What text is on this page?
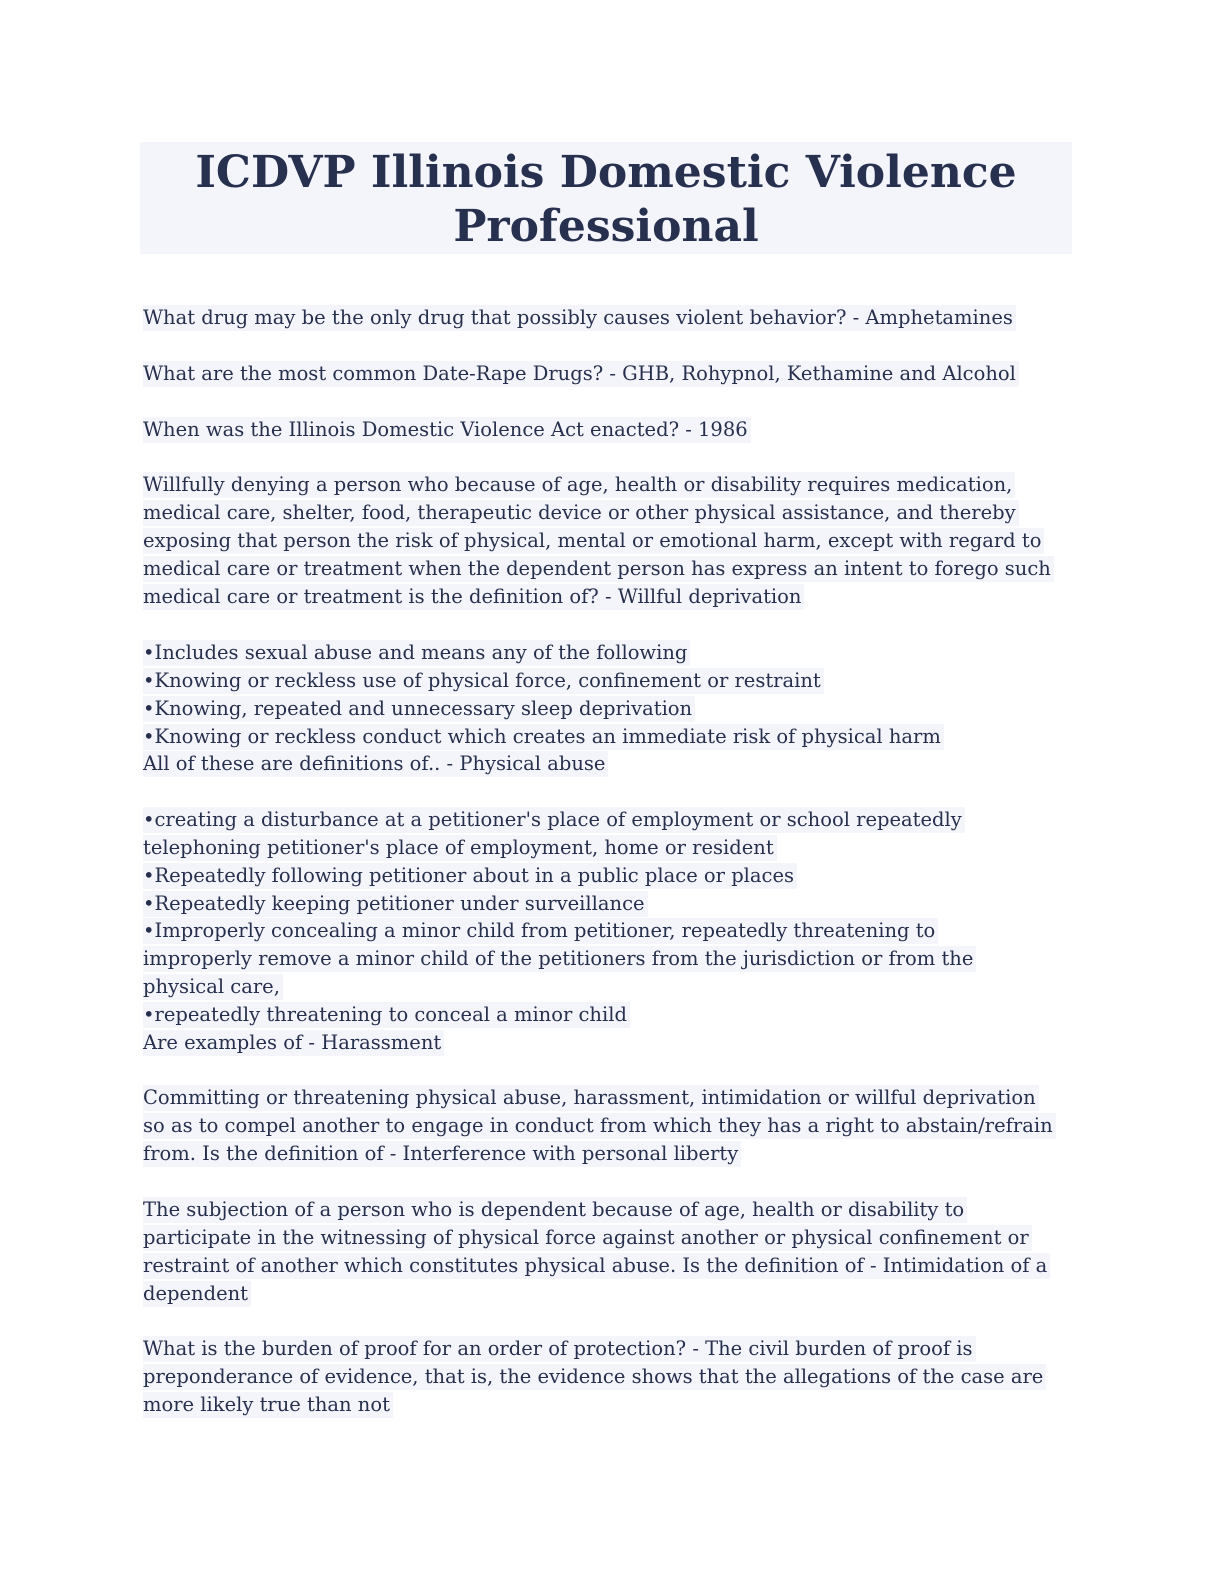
ICDVP Illinois Domestic Violence
Professional
What drug may be the only drug that possibly causes violent behavior? - Amphetamines
What are the most common Date-Rape Drugs? - GHB, Rohypnol, Kethamine and Alcohol
When was the Illinois Domestic Violence Act enacted? - 1986
Willfully denying a person who because of age, health or disability requires medication,
medical care, shelter, food, therapeutic device or other physical assistance, and thereby
exposing that person the risk of physical, mental or emotional harm, except with regard to
medical care or treatment when the dependent person has express an intent to forego such
medical care or treatment is the definition of? - Willful deprivation
•Includes sexual abuse and means any of the following
•Knowing or reckless use of physical force, confinement or restraint
•Knowing, repeated and unnecessary sleep deprivation
•Knowing or reckless conduct which creates an immediate risk of physical harm
All of these are definitions of.. - Physical abuse
•creating a disturbance at a petitioner's place of employment or school repeatedly
telephoning petitioner's place of employment, home or resident
•Repeatedly following petitioner about in a public place or places
•Repeatedly keeping petitioner under surveillance
•Improperly concealing a minor child from petitioner, repeatedly threatening to
improperly remove a minor child of the petitioners from the jurisdiction or from the
physical care,
•repeatedly threatening to conceal a minor child
Are examples of - Harassment
Committing or threatening physical abuse, harassment, intimidation or willful deprivation
so as to compel another to engage in conduct from which they has a right to abstain/refrain
from. Is the definition of - Interference with personal liberty
The subjection of a person who is dependent because of age, health or disability to
participate in the witnessing of physical force against another or physical confinement or
restraint of another which constitutes physical abuse. Is the definition of - Intimidation of a
dependent
What is the burden of proof for an order of protection? - The civil burden of proof is
preponderance of evidence, that is, the evidence shows that the allegations of the case are
more likely true than not
